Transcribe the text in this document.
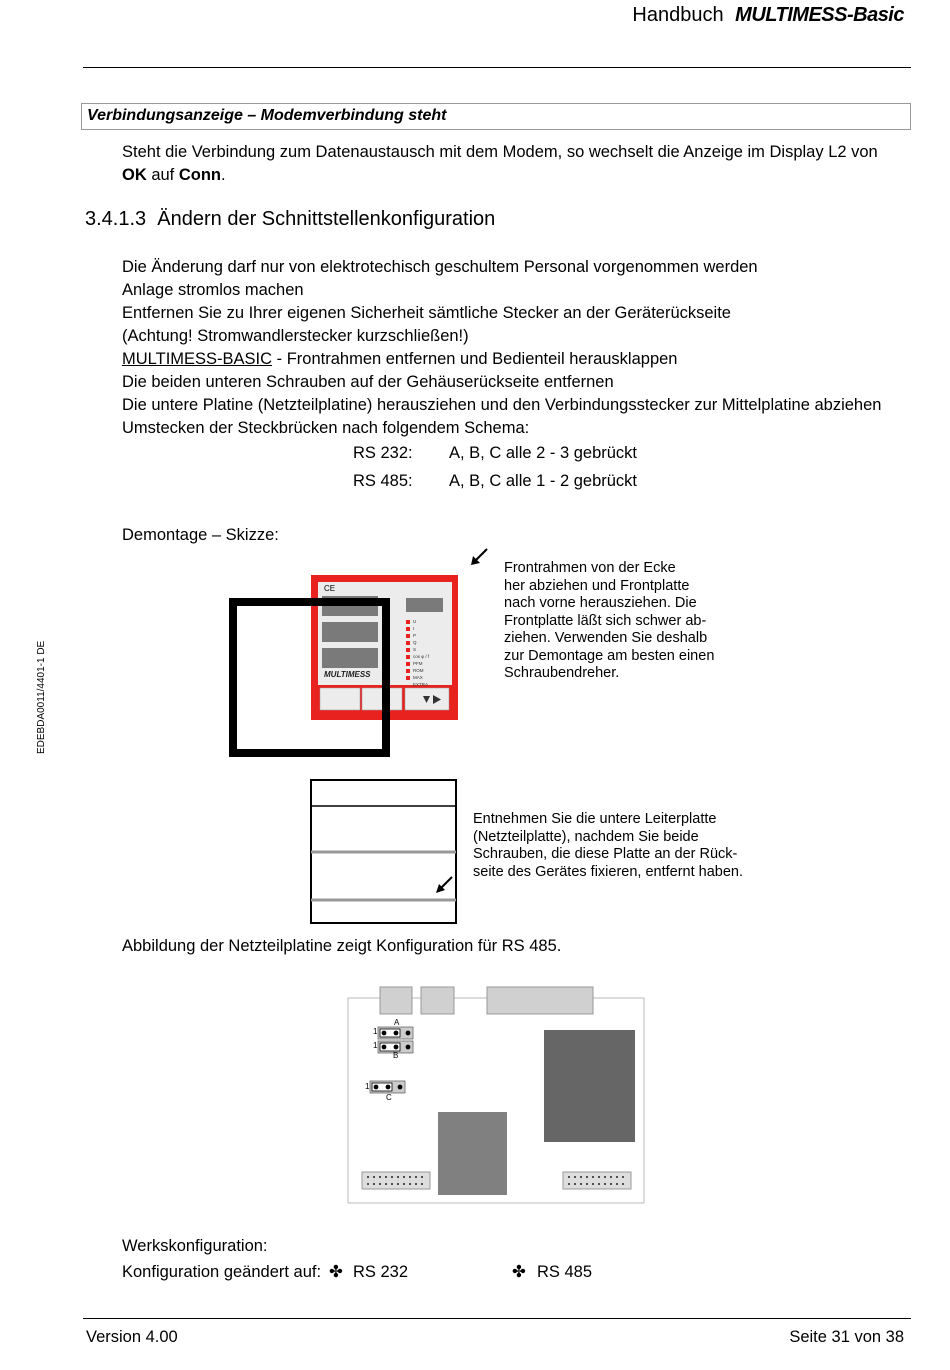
Handbuch MULTIMESS-Basic
Verbindungsanzeige – Modemverbindung steht
Steht die Verbindung zum Datenaustausch mit dem Modem, so wechselt die Anzeige im Display L2 von
OK auf Conn.
3.4.1.3 Ändern der Schnittstellenkonfiguration
Die Änderung darf nur von elektrotechisch geschultem Personal vorgenommen werden
Anlage stromlos machen
Entfernen Sie zu Ihrer eigenen Sicherheit sämtliche Stecker an der Geräterückseite
(Achtung! Stromwandlerstecker kurzschließen!)
MULTIMESS-BASIC - Frontrahmen entfernen und Bedienteil herausklappen
Die beiden unteren Schrauben auf der Gehäuserückseite entfernen
Die untere Platine (Netzteilplatine) herausziehen und den Verbindungsstecker zur Mittelplatine abziehen
Umstecken der Steckbrücken nach folgendem Schema:
RS 232: A, B, C alle 2 - 3 gebrückt
RS 485: A, B, C alle 1 - 2 gebrückt
Demontage – Skizze:
CE
MULTIMESS
U
I
P
Q
S
cos φ / f
PFM
ROM
MAX
EXTRA
Frontrahmen von der Ecke
her abziehen und Frontplatte
nach vorne herausziehen. Die
Frontplatte läßt sich schwer ab-
ziehen. Verwenden Sie deshalb
zur Demontage am besten einen
Schraubendreher.
Entnehmen Sie die untere Leiterplatte
(Netzteilplatte), nachdem Sie beide
Schrauben, die diese Platte an der Rück-
seite des Gerätes fixieren, entfernt haben.
Abbildung der Netzteilplatine zeigt Konfiguration für RS 485.
A
1
1
B
1
C
Werkskonfiguration:
Konfiguration geändert auf: ✤ RS 232	✤ RS 485
EDEBDA0011/4401-1 DE
Version 4.00	Seite 31 von 38
